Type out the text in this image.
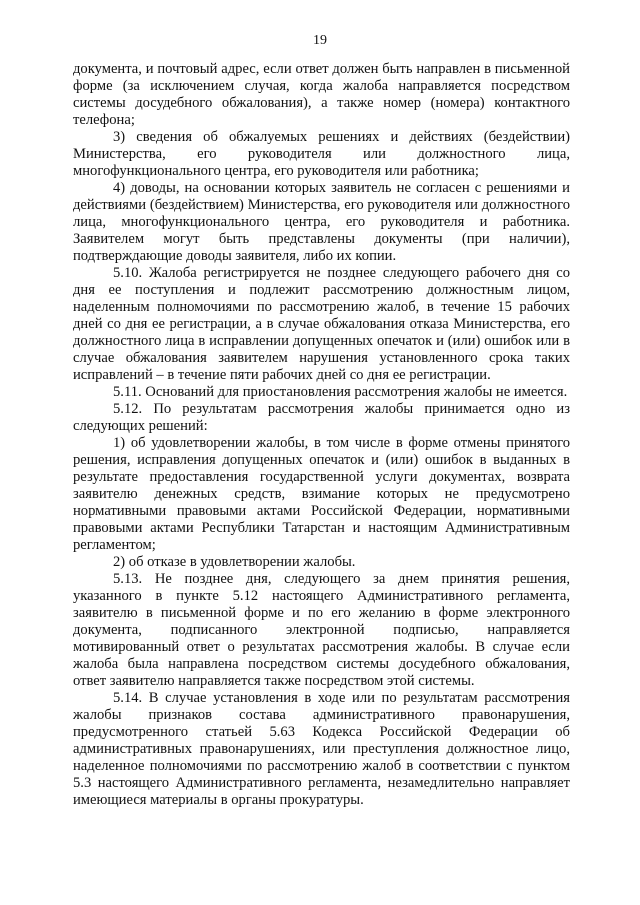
19

документа, и почтовый адрес, если ответ должен быть направлен в письменной форме (за исключением случая, когда жалоба направляется посредством системы досудебного обжалования), а также номер (номера) контактного телефона;

3) сведения об обжалуемых решениях и действиях (бездействии) Министерства, его руководителя или должностного лица, многофункционального центра, его руководителя или работника;

4) доводы, на основании которых заявитель не согласен с решениями и действиями (бездействием) Министерства, его руководителя или должностного лица, многофункционального центра, его руководителя и работника. Заявителем могут быть представлены документы (при наличии), подтверждающие доводы заявителя, либо их копии.

5.10. Жалоба регистрируется не позднее следующего рабочего дня со дня ее поступления и подлежит рассмотрению должностным лицом, наделенным полномочиями по рассмотрению жалоб, в течение 15 рабочих дней со дня ее регистрации, а в случае обжалования отказа Министерства, его должностного лица в исправлении допущенных опечаток и (или) ошибок или в случае обжалования заявителем нарушения установленного срока таких исправлений – в течение пяти рабочих дней со дня ее регистрации.

5.11. Оснований для приостановления рассмотрения жалобы не имеется.

5.12. По результатам рассмотрения жалобы принимается одно из следующих решений:

1) об удовлетворении жалобы, в том числе в форме отмены принятого решения, исправления допущенных опечаток и (или) ошибок в выданных в результате предоставления государственной услуги документах, возврата заявителю денежных средств, взимание которых не предусмотрено нормативными правовыми актами Российской Федерации, нормативными правовыми актами Республики Татарстан и настоящим Административным регламентом;

2) об отказе в удовлетворении жалобы.

5.13. Не позднее дня, следующего за днем принятия решения, указанного в пункте 5.12 настоящего Административного регламента, заявителю в письменной форме и по его желанию в форме электронного документа, подписанного электронной подписью, направляется мотивированный ответ о результатах рассмотрения жалобы. В случае если жалоба была направлена посредством системы досудебного обжалования, ответ заявителю направляется также посредством этой системы.

5.14. В случае установления в ходе или по результатам рассмотрения жалобы признаков состава административного правонарушения, предусмотренного статьей 5.63 Кодекса Российской Федерации об административных правонарушениях, или преступления должностное лицо, наделенное полномочиями по рассмотрению жалоб в соответствии с пунктом 5.3 настоящего Административного регламента, незамедлительно направляет имеющиеся материалы в органы прокуратуры.
